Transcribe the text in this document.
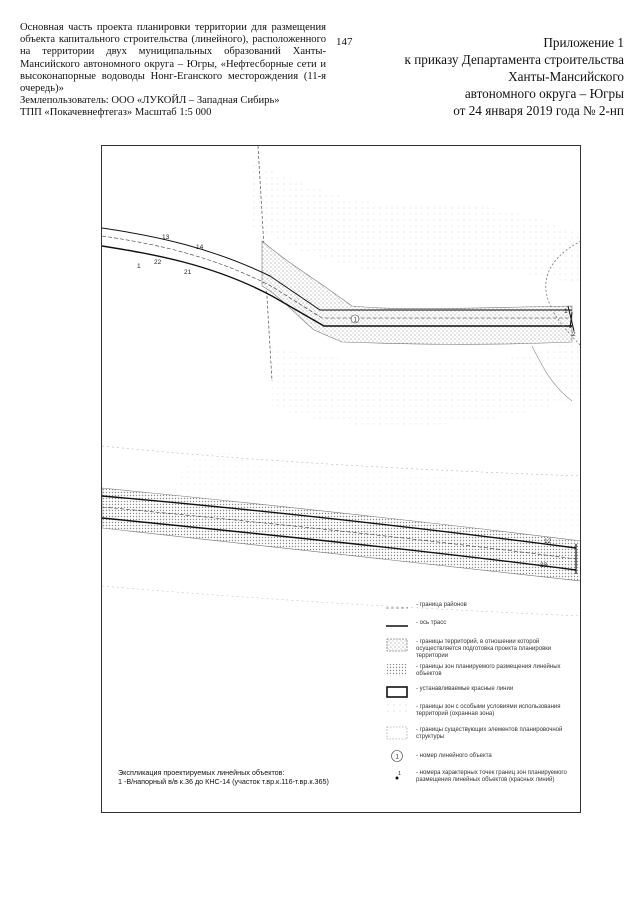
Основная часть проекта планировки территории для размещения объекта капитального строительства (линейного), расположенного на территории двух муниципальных образований Ханты-Мансийского автономного округа – Югры, «Нефтесборные сети и высоконапорные водоводы Нонг-Еганского месторождения (11-я очередь)»

Землепользователь: ООО «ЛУКОЙЛ – Западная Сибирь»

ТПП «Покачевнефтегаз» Масштаб 1:5 000

147	Приложение 1
к приказу Департамента строительства
Ханты-Мансийского
автономного округа – Югры
от 24 января 2019 года № 2-нп
13
14
22
21
1
1
2
1
12
23
- граница районов
- ось трасс
- границы территорий, в отношении которой осуществляется подготовка проекта планировки территории
- границы зон планируемого размещения линейных объектов
- устанавливаемые красные линии
- границы зон с особыми условиями использования территорий (охранная зона)
- границы существующих элементов планировочной структуры
1	- номер линейного объекта
1 - номера характерных точек границ зон планируемого размещения линейных объектов (красных линий)
Экспликация проектируемых линейных объектов:
1 -В/напорный в/в к.36 до КНС-14 (участок т.вр.к.116-т.вр.к.365)
